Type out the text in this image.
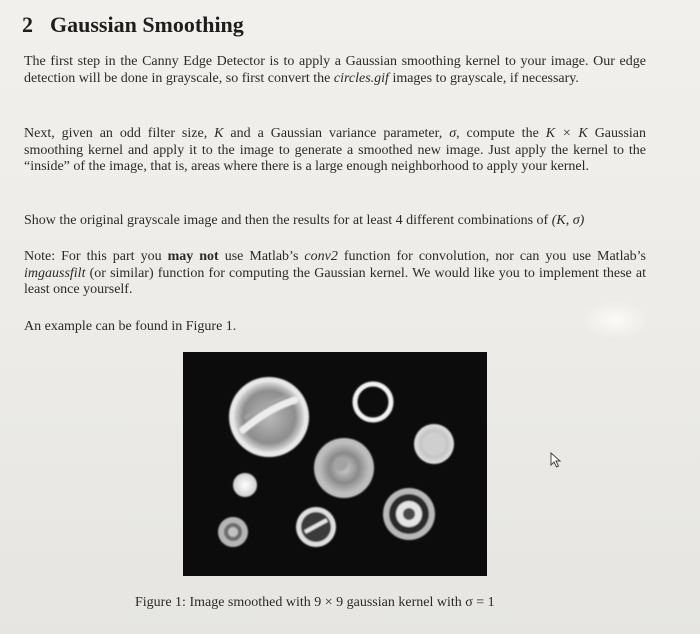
2 Gaussian Smoothing

The first step in the Canny Edge Detector is to apply a Gaussian smoothing kernel to your image. Our edge detection will be done in grayscale, so first convert the circles.gif images to grayscale, if necessary.

Next, given an odd filter size, K and a Gaussian variance parameter, σ, compute the K × K Gaussian smoothing kernel and apply it to the image to generate a smoothed new image. Just apply the kernel to the “inside” of the image, that is, areas where there is a large enough neighborhood to apply your kernel.

Show the original grayscale image and then the results for at least 4 different combinations of (K, σ)

Note: For this part you may not use Matlab’s conv2 function for convolution, nor can you use Matlab’s imgaussfilt (or similar) function for computing the Gaussian kernel. We would like you to implement these at least once yourself.

An example can be found in Figure 1.

Figure 1: Image smoothed with 9 × 9 gaussian kernel with σ = 1
